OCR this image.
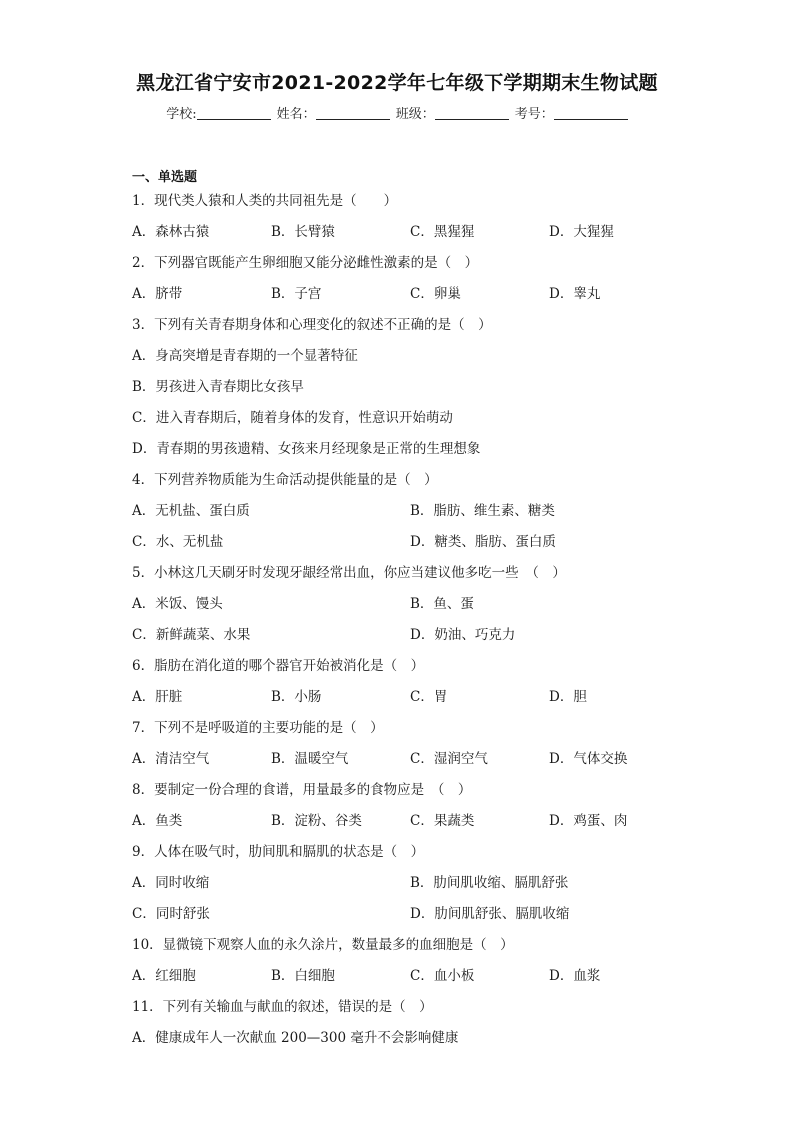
黑龙江省宁安市2021-2022学年七年级下学期期末生物试题
学校:	姓名：	班级：	考号：
一、单选题
1．现代类人猿和人类的共同祖先是（　　）
A．森林古猿	B．长臂猿	C．黑猩猩	D．大猩猩
2．下列器官既能产生卵细胞又能分泌雌性激素的是（　）
A．脐带	B．子宫	C．卵巢	D．睾丸
3．下列有关青春期身体和心理变化的叙述不正确的是（　）
A．身高突增是青春期的一个显著特征
B．男孩进入青春期比女孩早
C．进入青春期后，随着身体的发育，性意识开始萌动
D．青春期的男孩遗精、女孩来月经现象是正常的生理想象
4．下列营养物质能为生命活动提供能量的是（　）
A．无机盐、蛋白质	B．脂肪、维生素、糖类
C．水、无机盐	D．糖类、脂肪、蛋白质
5．小林这几天刷牙时发现牙龈经常出血，你应当建议他多吃一些　（　）
A．米饭、馒头	B．鱼、蛋
C．新鲜蔬菜、水果	D．奶油、巧克力
6．脂肪在消化道的哪个器官开始被消化是（　）
A．肝脏	B．小肠	C．胃	D．胆
7．下列不是呼吸道的主要功能的是（　）
A．清洁空气	B．温暖空气	C．湿润空气	D．气体交换
8．要制定一份合理的食谱，用量最多的食物应是　（　）
A．鱼类	B．淀粉、谷类	C．果蔬类	D．鸡蛋、肉
9．人体在吸气时，肋间肌和膈肌的状态是（　）
A．同时收缩	B．肋间肌收缩、膈肌舒张
C．同时舒张	D．肋间肌舒张、膈肌收缩
10．显微镜下观察人血的永久涂片，数量最多的血细胞是（　）
A．红细胞	B．白细胞	C．血小板	D．血浆
11．下列有关输血与献血的叙述，错误的是（　）
A．健康成年人一次献血 200—300 毫升不会影响健康
